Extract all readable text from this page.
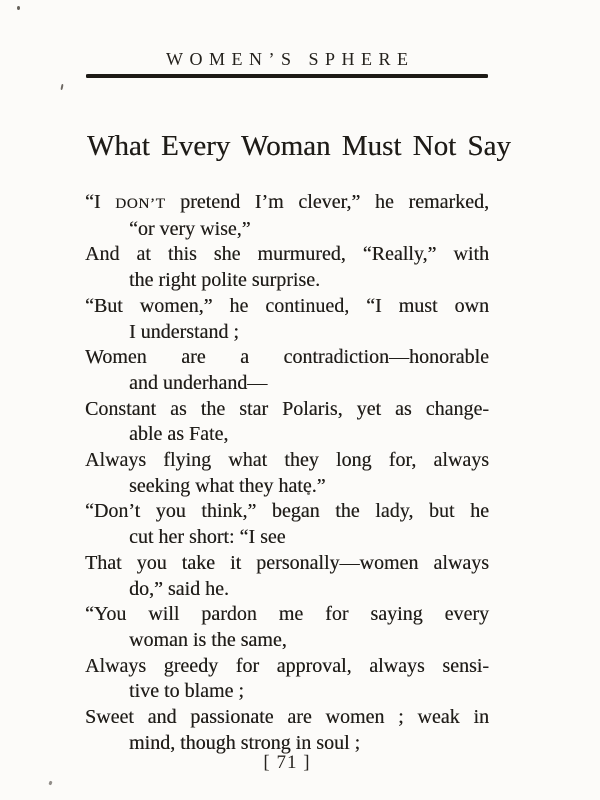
WOMEN’S SPHERE
What Every Woman Must Not Say
“I DON’T pretend I’m clever,” he remarked,
“or very wise,”
And at this she murmured, “Really,” with
the right polite surprise.
“But women,” he continued, “I must own
I understand ;
Women are a contradiction—honorable
and underhand—
Constant as the star Polaris, yet as change-
able as Fate,
Always flying what they long for, always
seeking what they hate.”
“Don’t you think,” began the lady, but he
cut her short: “I see
That you take it personally—women always
do,” said he.
“You will pardon me for saying every
woman is the same,
Always greedy for approval, always sensi-
tive to blame ;
Sweet and passionate are women ; weak in
mind, though strong in soul ;
[ 71 ]
